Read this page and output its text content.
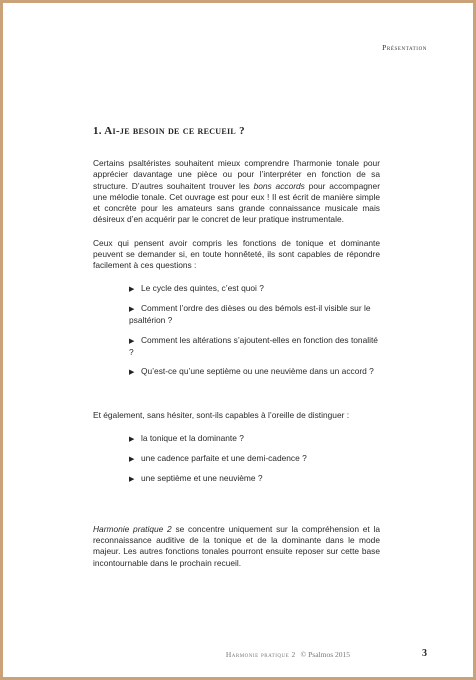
Présentation
1. Ai-je besoin de ce recueil ?

Certains psaltéristes souhaitent mieux comprendre l’harmonie tonale pour apprécier davantage une pièce ou pour l’interpréter en fonction de sa structure. D’autres souhaitent trouver les bons accords pour accompagner une mélodie tonale. Cet ouvrage est pour eux ! Il est écrit de manière simple et concrète pour les amateurs sans grande connaissance musicale mais désireux d’en acquérir par le concret de leur pratique instrumentale.

Ceux qui pensent avoir compris les fonctions de tonique et dominante peuvent se demander si, en toute honnêteté, ils sont capables de répondre facilement à ces questions :

▶ Le cycle des quintes, c’est quoi ?
▶ Comment l’ordre des dièses ou des bémols est-il visible sur le psaltérion ?
▶ Comment les altérations s’ajoutent-elles en fonction des tonalité ?
▶ Qu’est-ce qu’une septième ou une neuvième dans un accord ?

Et également, sans hésiter, sont-ils capables à l’oreille de distinguer :

▶ la tonique et la dominante ?
▶ une cadence parfaite et une demi-cadence ?
▶ une septième et une neuvième ?

Harmonie pratique 2 se concentre uniquement sur la compréhension et la reconnaissance auditive de la tonique et de la dominante dans le mode majeur. Les autres fonctions tonales pourront ensuite reposer sur cette base incontournable dans le prochain recueil.

Harmonie pratique 2 © Psalmos 2015	3
